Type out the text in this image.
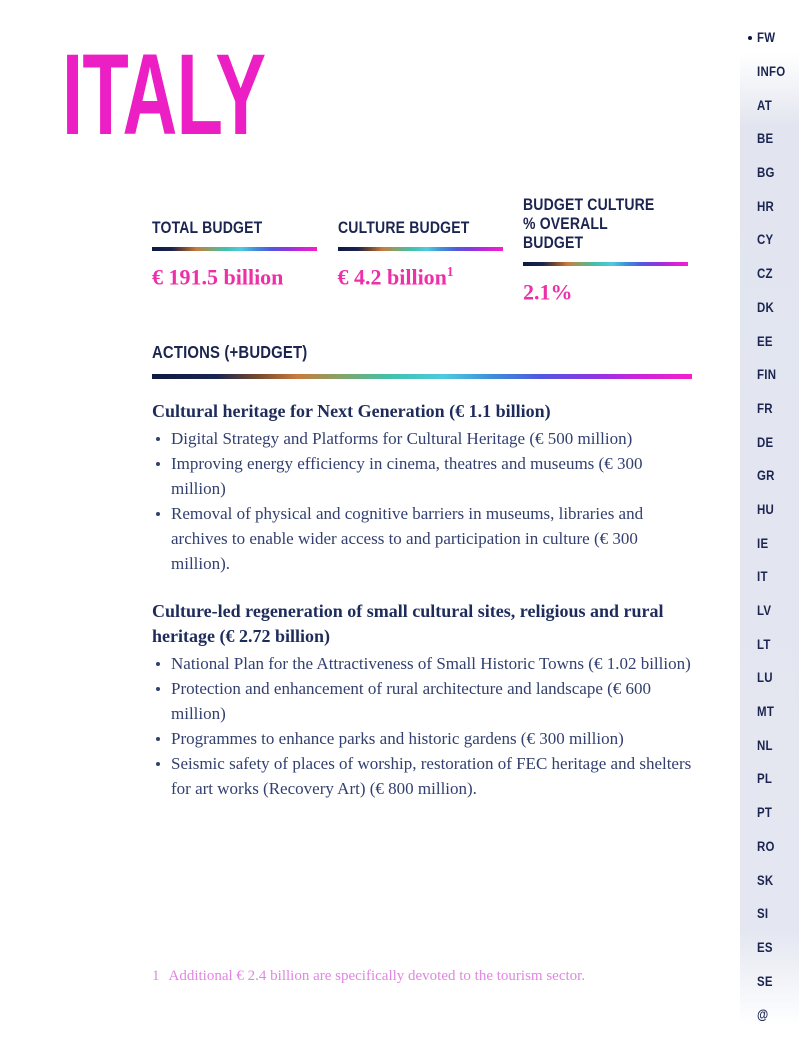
ITALY
TOTAL BUDGET
€ 191.5 billion
CULTURE BUDGET
€ 4.2 billion$^1$
BUDGET CULTURE % OVERALL BUDGET
2.1%
ACTIONS (+BUDGET)
Cultural heritage for Next Generation (€ 1.1 billion)
Digital Strategy and Platforms for Cultural Heritage (€ 500 million)
Improving energy efficiency in cinema, theatres and museums (€ 300 million)
Removal of physical and cognitive barriers in museums, libraries and archives to enable wider access to and participation in culture (€ 300 million).
Culture-led regeneration of small cultural sites, religious and rural heritage (€ 2.72 billion)
National Plan for the Attractiveness of Small Historic Towns (€ 1.02 billion)
Protection and enhancement of rural architecture and landscape (€ 600 million)
Programmes to enhance parks and historic gardens (€ 300 million)
Seismic safety of places of worship, restoration of FEC heritage and shelters for art works (Recovery Art) (€ 800 million).
1 Additional € 2.4 billion are specifically devoted to the tourism sector.
FW
INFO
AT
BE
BG
HR
CY
CZ
DK
EE
FIN
FR
DE
GR
HU
IE
IT
LV
LT
LU
MT
NL
PL
PT
RO
SK
SI
ES
SE
@
